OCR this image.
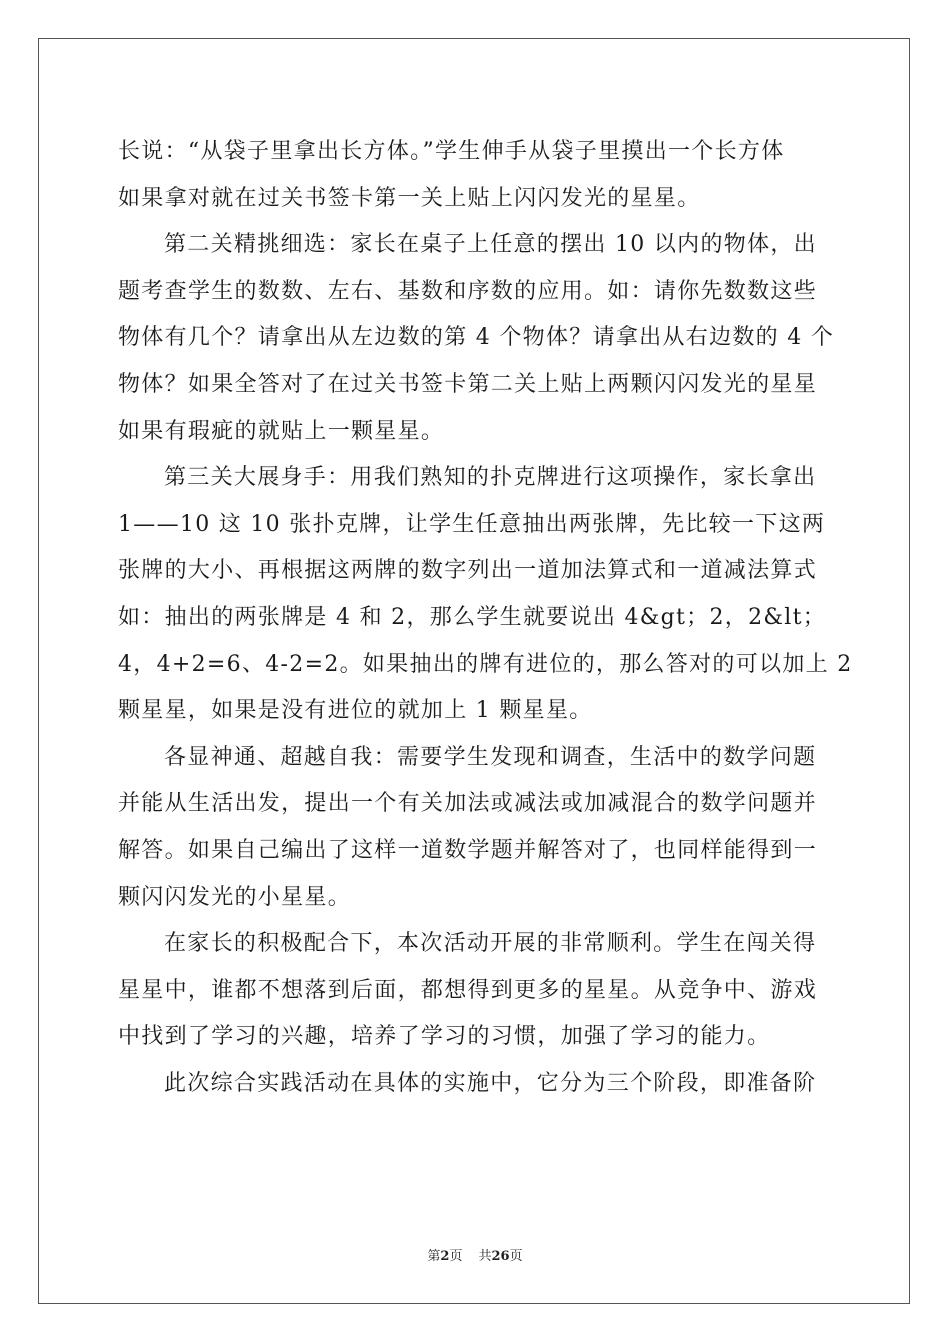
长说：“从袋子里拿出长方体。”学生伸手从袋子里摸出一个长方体
如果拿对就在过关书签卡第一关上贴上闪闪发光的星星。
第二关精挑细选：家长在桌子上任意的摆出 10 以内的物体，出
题考查学生的数数、左右、基数和序数的应用。如：请你先数数这些
物体有几个？请拿出从左边数的第 4 个物体？请拿出从右边数的 4 个
物体？如果全答对了在过关书签卡第二关上贴上两颗闪闪发光的星星
如果有瑕疵的就贴上一颗星星。
第三关大展身手：用我们熟知的扑克牌进行这项操作，家长拿出
1——10 这 10 张扑克牌，让学生任意抽出两张牌，先比较一下这两
张牌的大小、再根据这两牌的数字列出一道加法算式和一道减法算式
如：抽出的两张牌是 4 和 2，那么学生就要说出 4&gt；2，2&lt；
4，4+2=6、4-2=2。如果抽出的牌有进位的，那么答对的可以加上 2
颗星星，如果是没有进位的就加上 1 颗星星。
各显神通、超越自我：需要学生发现和调查，生活中的数学问题
并能从生活出发，提出一个有关加法或减法或加减混合的数学问题并
解答。如果自己编出了这样一道数学题并解答对了，也同样能得到一
颗闪闪发光的小星星。
在家长的积极配合下，本次活动开展的非常顺利。学生在闯关得
星星中，谁都不想落到后面，都想得到更多的星星。从竞争中、游戏
中找到了学习的兴趣，培养了学习的习惯，加强了学习的能力。
此次综合实践活动在具体的实施中，它分为三个阶段，即准备阶
第2页 共26页
